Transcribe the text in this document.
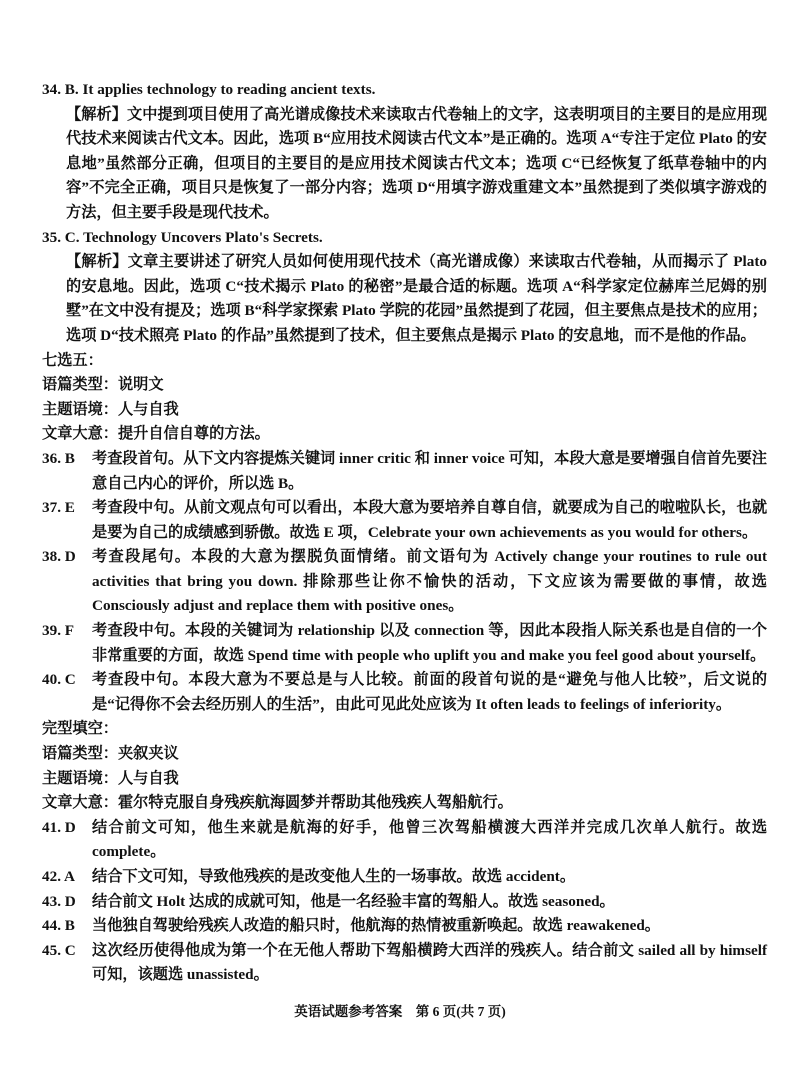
34. B. It applies technology to reading ancient texts.
【解析】文中提到项目使用了高光谱成像技术来读取古代卷轴上的文字，这表明项目的主要目的是应用现代技术来阅读古代文本。因此，选项 B“应用技术阅读古代文本”是正确的。选项 A“专注于定位 Plato 的安息地”虽然部分正确，但项目的主要目的是应用技术阅读古代文本；选项 C“已经恢复了纸草卷轴中的内容”不完全正确，项目只是恢复了一部分内容；选项 D“用填字游戏重建文本”虽然提到了类似填字游戏的方法，但主要手段是现代技术。
35. C. Technology Uncovers Plato's Secrets.
【解析】文章主要讲述了研究人员如何使用现代技术（高光谱成像）来读取古代卷轴，从而揭示了 Plato 的安息地。因此，选项 C“技术揭示 Plato 的秘密”是最合适的标题。选项 A“科学家定位赫库兰尼姆的别墅”在文中没有提及；选项 B“科学家探索 Plato 学院的花园”虽然提到了花园，但主要焦点是技术的应用；选项 D“技术照亮 Plato 的作品”虽然提到了技术，但主要焦点是揭示 Plato 的安息地，而不是他的作品。
七选五：
语篇类型：说明文
主题语境：人与自我
文章大意：提升自信自尊的方法。
36. B	考查段首句。从下文内容提炼关键词 inner critic 和 inner voice 可知，本段大意是要增强自信首先要注意自己内心的评价，所以选 B。
37. E	考查段中句。从前文观点句可以看出，本段大意为要培养自尊自信，就要成为自己的啦啦队长，也就是要为自己的成绩感到骄傲。故选 E 项，Celebrate your own achievements as you would for others。
38. D	考查段尾句。本段的大意为摆脱负面情绪。前文语句为 Actively change your routines to rule out activities that bring you down. 排除那些让你不愉快的活动，下文应该为需要做的事情，故选 Consciously adjust and replace them with positive ones。
39. F	考查段中句。本段的关键词为 relationship 以及 connection 等，因此本段指人际关系也是自信的一个非常重要的方面，故选 Spend time with people who uplift you and make you feel good about yourself。
40. C	考查段中句。本段大意为不要总是与人比较。前面的段首句说的是“避免与他人比较”，后文说的是“记得你不会去经历别人的生活”，由此可见此处应该为 It often leads to feelings of inferiority。
完型填空：
语篇类型：夹叙夹议
主题语境：人与自我
文章大意：霍尔特克服自身残疾航海圆梦并帮助其他残疾人驾船航行。
41. D	结合前文可知，他生来就是航海的好手，他曾三次驾船横渡大西洋并完成几次单人航行。故选 complete。
42. A	结合下文可知，导致他残疾的是改变他人生的一场事故。故选 accident。
43. D	结合前文 Holt 达成的成就可知，他是一名经验丰富的驾船人。故选 seasoned。
44. B	当他独自驾驶给残疾人改造的船只时，他航海的热情被重新唤起。故选 reawakened。
45. C	这次经历使得他成为第一个在无他人帮助下驾船横跨大西洋的残疾人。结合前文 sailed all by himself 可知，该题选 unassisted。
英语试题参考答案　第 6 页(共 7 页)
